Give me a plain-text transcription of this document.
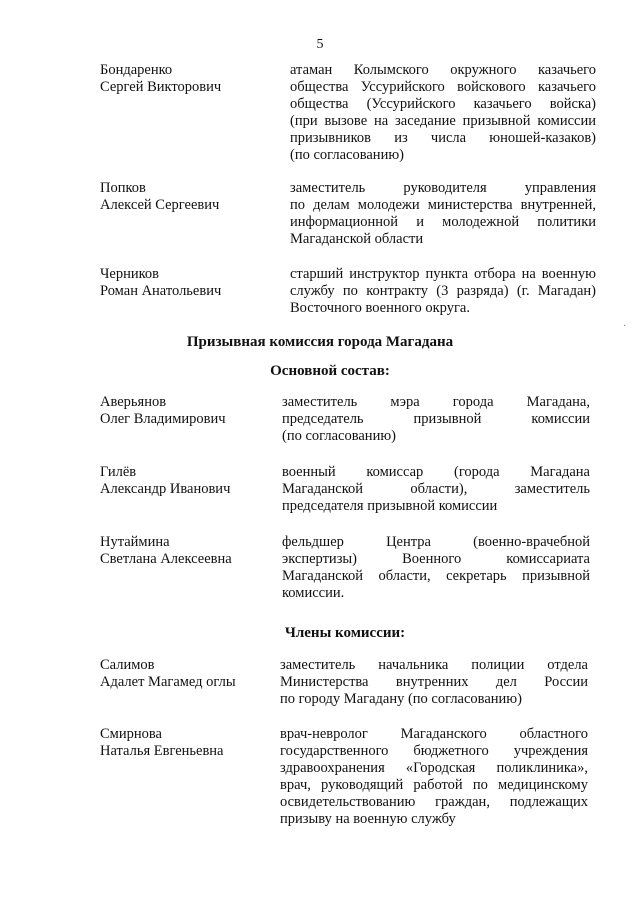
5
Бондаренко
Сергей Викторович
атаман Колымского окружного казачьего
общества Уссурийского войскового казачьего
общества (Уссурийского казачьего войска)
(при вызове на заседание призывной комиссии
призывников из числа юношей-казаков)
(по согласованию)
Попков
Алексей Сергеевич
заместитель руководителя управления
по делам молодежи министерства внутренней,
информационной и молодежной политики
Магаданской области
Черников
Роман Анатольевич
старший инструктор пункта отбора на военную
службу по контракту (3 разряда) (г. Магадан)
Восточного военного округа.
·
Призывная комиссия города Магадана
Основной состав:
Аверьянов
Олег Владимирович
заместитель мэра города Магадана,
председатель призывной комиссии
(по согласованию)
Гилёв
Александр Иванович
военный комиссар (города Магадана
Магаданской области), заместитель
председателя призывной комиссии
Нутаймина
Светлана Алексеевна
фельдшер Центра (военно-врачебной
экспертизы) Военного комиссариата
Магаданской области, секретарь призывной
комиссии.
Члены комиссии:
Салимов
Адалет Магамед оглы
заместитель начальника полиции отдела
Министерства внутренних дел России
по городу Магадану (по согласованию)
Смирнова
Наталья Евгеньевна
врач-невролог Магаданского областного
государственного бюджетного учреждения
здравоохранения «Городская поликлиника»,
врач, руководящий работой по медицинскому
освидетельствованию граждан, подлежащих
призыву на военную службу
